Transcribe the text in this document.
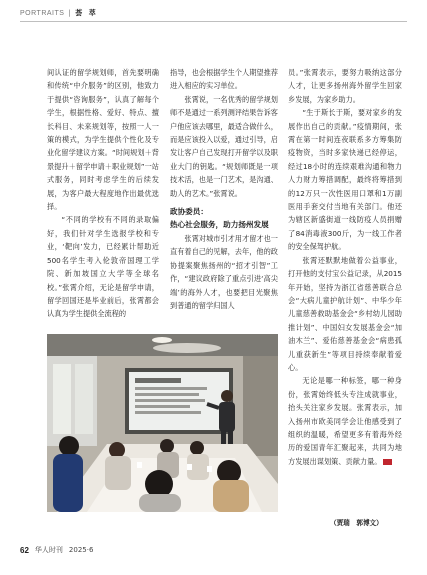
PORTRAITS | 荟 萃

间认证的留学规划师，首先要明确和传统“中介服务”的区别，他致力于提供“咨询服务”，认真了解每个学生，根据性格、爱好、特点、擅长科目、未来规划等，按照一人一策的模式，为学生提供个性化及专业化留学建议方案。“时间规划＋背景提升＋留学申请＋职业规划”一站式服务，同时考虑学生的后续发展，为客户最大程度地作出最优选择。

“不同的学校有不同的录取偏好，我们针对学生选报学校和专业，‘靶向’发力，已经累计帮助近500名学生考入伦敦帝国理工学院、新加坡国立大学等全球名校。”张霄介绍，无论是留学申请，留学回国还是毕业前后，张霄都会认真为学生提供全流程的

指导，也会根据学生个人期望推荐进入相应的实习单位。

张霄说，一名优秀的留学规划师不是通过一系列测评结果告诉客户他应该去哪里，最适合做什么，而是应该投入以爱，通过引导，启发让客户自己发现打开留学以及职业大门的钥匙。“规划师既是一项技术活，也是一门艺术，是沟通、助人的艺术。”张霄说。

政协委员：
热心社会服务，助力扬州发展

张霄对城市引才用才留才也一直有着自己的见解，去年，他的政协提案聚焦扬州的“招才引智”工作，“建议政府除了重点引进‘高尖端’的海外人才，也要把目光聚焦到普通的留学归国人

员。”张霄表示，要努力吸纳这部分人才，让更多扬州海外留学生回家乡发展，为家乡助力。

“生于斯长于斯，要对家乡的发展作出自己的贡献。”疫情期间，张霄在第一时间连夜联系多方筹集防疫物资，当时多家快递已经停运，经过18小时的连续艰难沟通和物力人力财力筹措调配，最终将筹措到的12万只一次性医用口罩和1万副医用手套交付当地有关部门。他还为辖区新盛街道一线防疫人员捐赠了84消毒液300斤，为一线工作者的安全保驾护航。

张霄还默默地做着公益事业，打开他的支付宝公益记录，从2015年开始，坚持为浙江省慈善联合总会“大病儿童护航计划”、中华少年儿童慈善救助基金会“乡村幼儿园助推计划”、中国妇女发展基金会“加油木兰”、爱佑慈善基金会“病患孤儿重获新生”等项目持续奉献着爱心。

无论是哪一种标签，哪一种身份，张霄始终低头专注成就事业，抬头关注家乡发展。张霄表示，加入扬州市欧美同学会让他感受到了组织的温暖，希望更多有着海外经历的爱国青年汇聚起来，共同为地方发展出谋划策、贡献力量。

（贾瑞　郭博文）
62 华人时刊 2025·6
